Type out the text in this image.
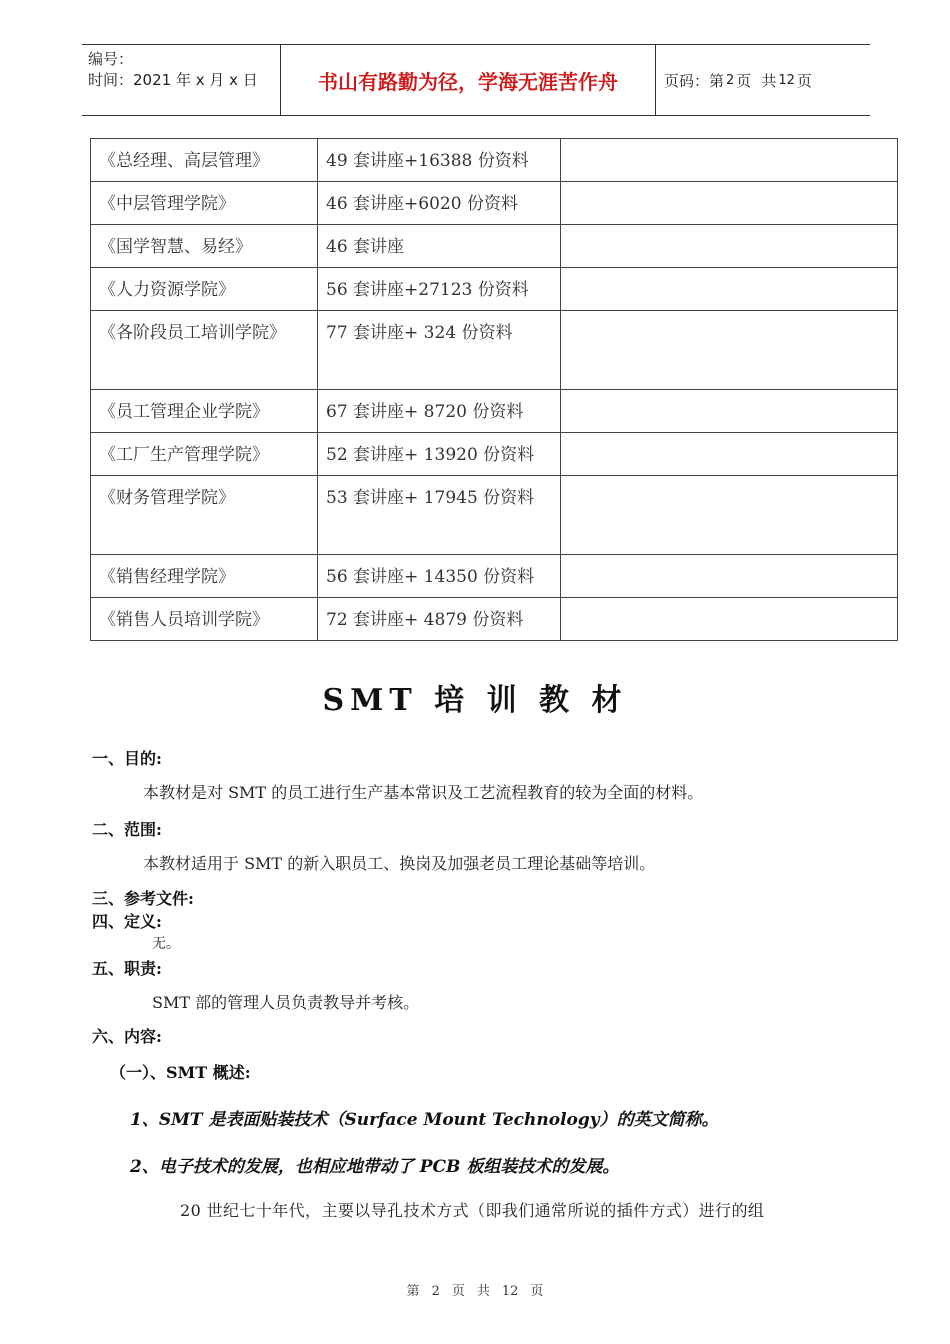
编号：
时间：2021 年 x 月 x 日	书山有路勤为径，学海无涯苦作舟	页码：第 2 页 共 12 页
《总经理、高层管理》	49 套讲座+16388 份资料	
《中层管理学院》	46 套讲座+6020 份资料	
《国学智慧、易经》	46 套讲座	
《人力资源学院》	56 套讲座+27123 份资料	
《各阶段员工培训学院》	77 套讲座+ 324 份资料	
《员工管理企业学院》	67 套讲座+ 8720 份资料	
《工厂生产管理学院》	52 套讲座+ 13920 份资料	
《财务管理学院》	53 套讲座+ 17945 份资料	
《销售经理学院》	56 套讲座+ 14350 份资料	
《销售人员培训学院》	72 套讲座+ 4879 份资料	
SMT 培 训 教 材
一、目的:
本教材是对 SMT 的员工进行生产基本常识及工艺流程教育的较为全面的材料。
二、范围:
本教材适用于 SMT 的新入职员工、换岗及加强老员工理论基础等培训。
三、参考文件:
四、定义:
无。
五、职责:
SMT 部的管理人员负责教导并考核。
六、内容:
（一）、SMT 概述:
1、SMT 是表面贴装技术（Surface Mount Technology）的英文简称。
2、电子技术的发展，也相应地带动了 PCB 板组装技术的发展。
20 世纪七十年代，主要以导孔技术方式（即我们通常所说的插件方式）进行的组
第 2 页 共 12 页
